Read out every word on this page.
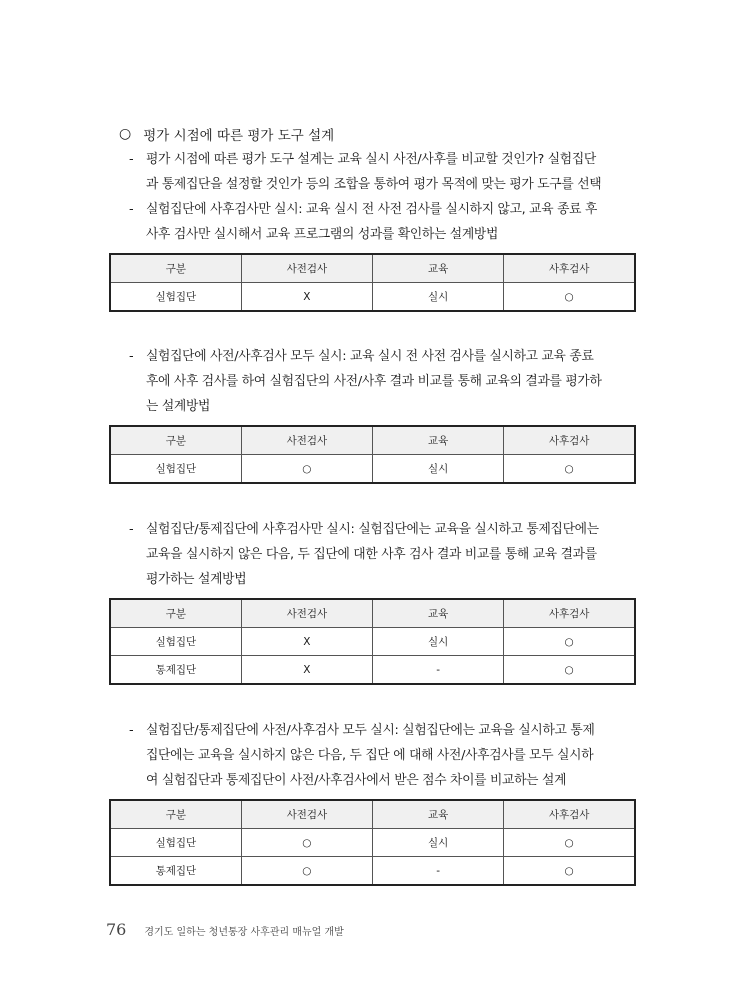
○ 평가 시점에 따른 평가 도구 설계
- 평가 시점에 따른 평가 도구 설계는 교육 실시 사전/사후를 비교할 것인가? 실험집단
과 통제집단을 설정할 것인가 등의 조합을 통하여 평가 목적에 맞는 평가 도구를 선택
- 실험집단에 사후검사만 실시: 교육 실시 전 사전 검사를 실시하지 않고, 교육 종료 후
사후 검사만 실시해서 교육 프로그램의 성과를 확인하는 설계방법
구분	사전검사	교육	사후검사
실험집단	X	실시	○
- 실험집단에 사전/사후검사 모두 실시: 교육 실시 전 사전 검사를 실시하고 교육 종료
후에 사후 검사를 하여 실험집단의 사전/사후 결과 비교를 통해 교육의 결과를 평가하
는 설계방법
구분	사전검사	교육	사후검사
실험집단	○	실시	○
- 실험집단/통제집단에 사후검사만 실시: 실험집단에는 교육을 실시하고 통제집단에는
교육을 실시하지 않은 다음, 두 집단에 대한 사후 검사 결과 비교를 통해 교육 결과를
평가하는 설계방법
구분	사전검사	교육	사후검사
실험집단	X	실시	○
통제집단	X	-	○
- 실험집단/통제집단에 사전/사후검사 모두 실시: 실험집단에는 교육을 실시하고 통제
집단에는 교육을 실시하지 않은 다음, 두 집단 에 대해 사전/사후검사를 모두 실시하
여 실험집단과 통제집단이 사전/사후검사에서 받은 점수 차이를 비교하는 설계
구분	사전검사	교육	사후검사
실험집단	○	실시	○
통제집단	○	-	○
76 경기도 일하는 청년통장 사후관리 매뉴얼 개발
